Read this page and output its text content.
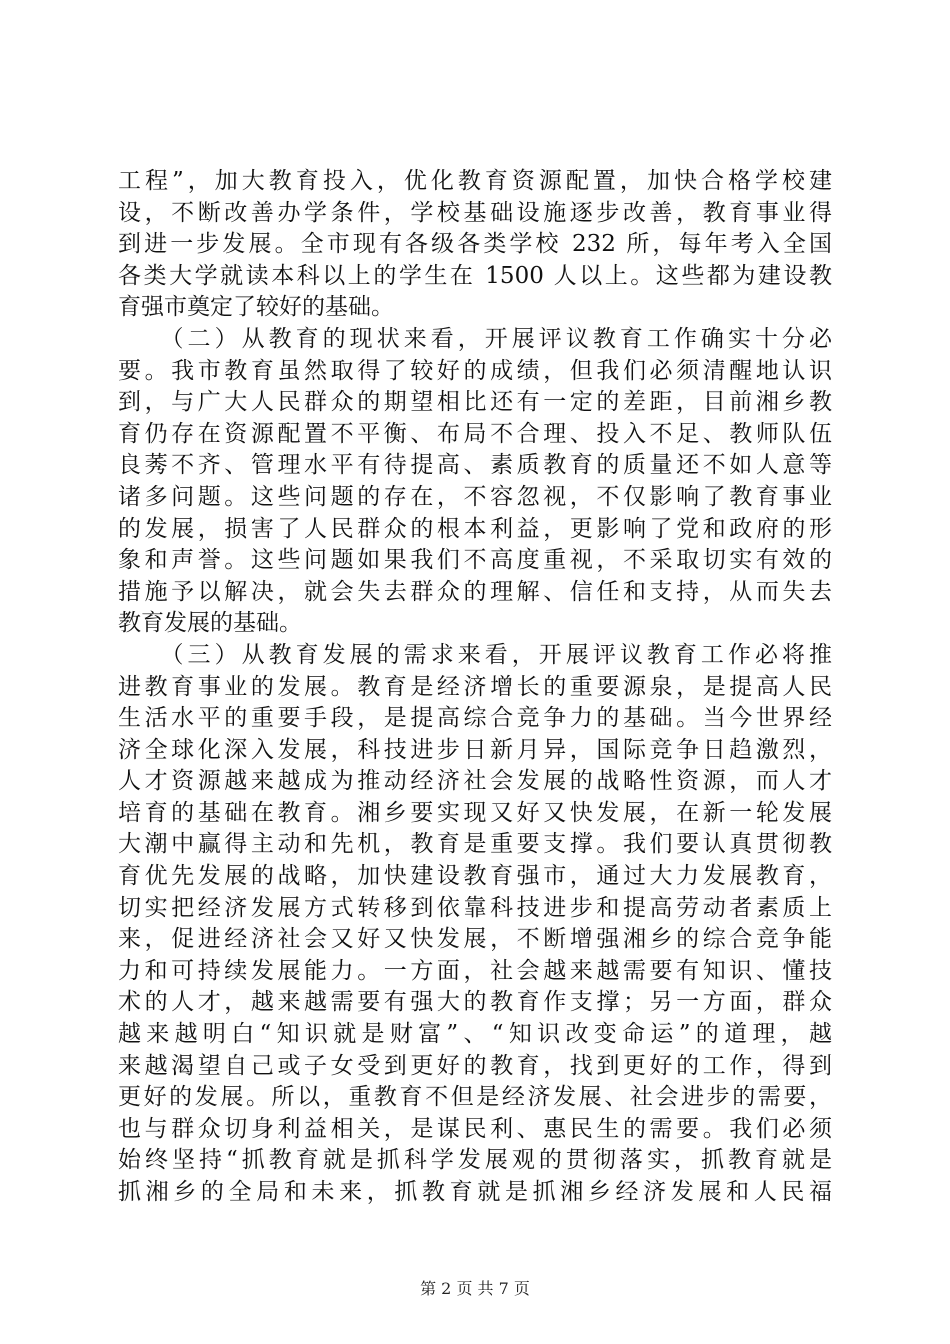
工程”，加大教育投入，优化教育资源配置，加快合格学校建
设，不断改善办学条件，学校基础设施逐步改善，教育事业得
到进一步发展。全市现有各级各类学校 232 所，每年考入全国
各类大学就读本科以上的学生在 1500 人以上。这些都为建设教
育强市奠定了较好的基础。
　　（二）从教育的现状来看，开展评议教育工作确实十分必
要。我市教育虽然取得了较好的成绩，但我们必须清醒地认识
到，与广大人民群众的期望相比还有一定的差距，目前湘乡教
育仍存在资源配置不平衡、布局不合理、投入不足、教师队伍
良莠不齐、管理水平有待提高、素质教育的质量还不如人意等
诸多问题。这些问题的存在，不容忽视，不仅影响了教育事业
的发展，损害了人民群众的根本利益，更影响了党和政府的形
象和声誉。这些问题如果我们不高度重视，不采取切实有效的
措施予以解决，就会失去群众的理解、信任和支持，从而失去
教育发展的基础。
　　（三）从教育发展的需求来看，开展评议教育工作必将推
进教育事业的发展。教育是经济增长的重要源泉，是提高人民
生活水平的重要手段，是提高综合竞争力的基础。当今世界经
济全球化深入发展，科技进步日新月异，国际竞争日趋激烈，
人才资源越来越成为推动经济社会发展的战略性资源，而人才
培育的基础在教育。湘乡要实现又好又快发展，在新一轮发展
大潮中赢得主动和先机，教育是重要支撑。我们要认真贯彻教
育优先发展的战略，加快建设教育强市，通过大力发展教育，
切实把经济发展方式转移到依靠科技进步和提高劳动者素质上
来，促进经济社会又好又快发展，不断增强湘乡的综合竞争能
力和可持续发展能力。一方面，社会越来越需要有知识、懂技
术的人才，越来越需要有强大的教育作支撑；另一方面，群众
越来越明白“知识就是财富”、“知识改变命运”的道理，越
来越渴望自己或子女受到更好的教育，找到更好的工作，得到
更好的发展。所以，重教育不但是经济发展、社会进步的需要，
也与群众切身利益相关，是谋民利、惠民生的需要。我们必须
始终坚持“抓教育就是抓科学发展观的贯彻落实，抓教育就是
抓湘乡的全局和未来，抓教育就是抓湘乡经济发展和人民福
第 2 页 共 7 页
